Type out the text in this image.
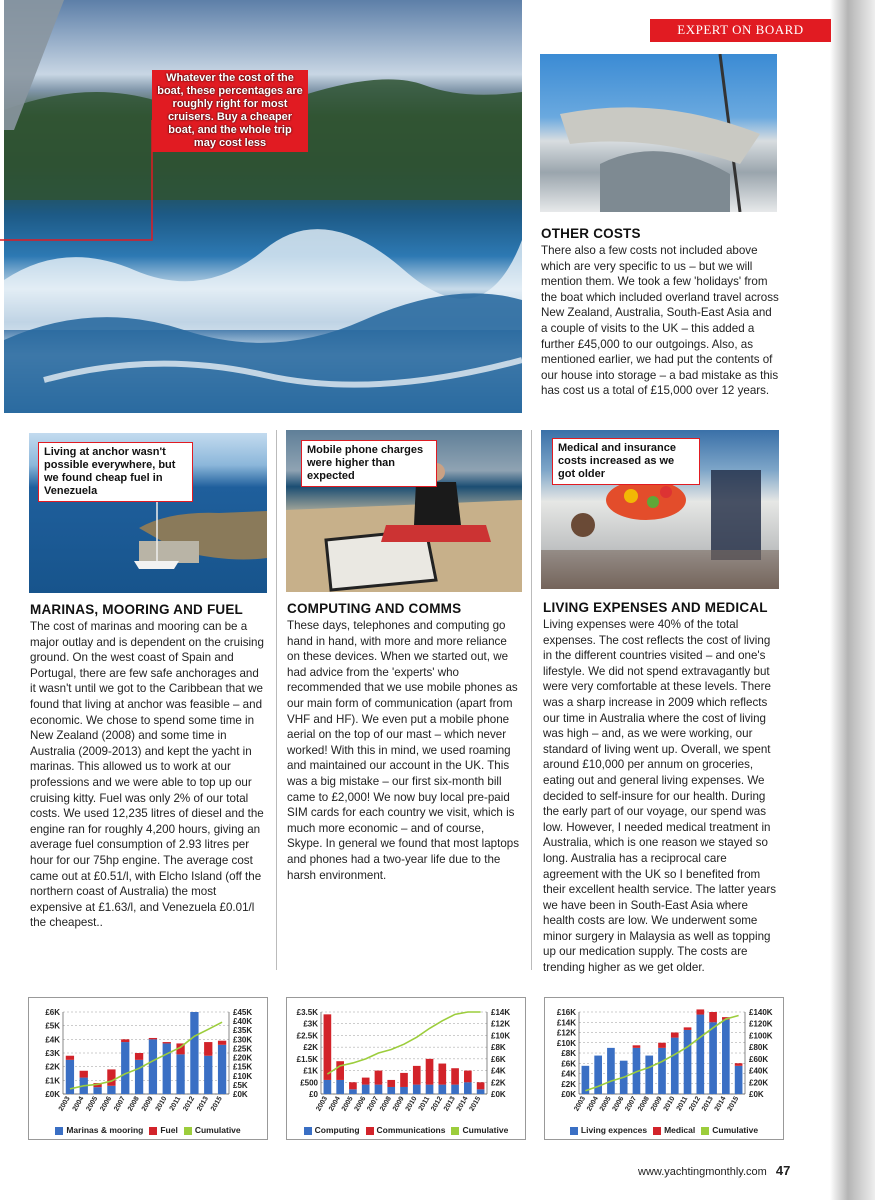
EXPERT ON BOARD
Whatever the cost of the boat, these percentages are roughly right for most cruisers. Buy a cheaper boat, and the whole trip may cost less
OTHER COSTS

There also a few costs not included above which are very specific to us – but we will mention them. We took a few 'holidays' from the boat which included overland travel across New Zealand, Australia, South-East Asia and a couple of visits to the UK – this added a further £45,000 to our outgoings. Also, as mentioned earlier, we had put the contents of our house into storage – a bad mistake as this has cost us a total of £15,000 over 12 years.

Living at anchor wasn't possible everywhere, but we found cheap fuel in Venezuela
Mobile phone charges were higher than expected
Medical and insurance costs increased as we got older
MARINAS, MOORING AND FUEL

The cost of marinas and mooring can be a major outlay and is dependent on the cruising ground. On the west coast of Spain and Portugal, there are few safe anchorages and it wasn't until we got to the Caribbean that we found that living at anchor was feasible – and economic. We chose to spend some time in New Zealand (2008) and some time in Australia (2009-2013) and kept the yacht in marinas. This allowed us to work at our professions and we were able to top up our cruising kitty. Fuel was only 2% of our total costs. We used 12,235 litres of diesel and the engine ran for roughly 4,200 hours, giving an average fuel consumption of 2.93 litres per hour for our 75hp engine. The average cost came out at £0.51/l, with Elcho Island (off the northern coast of Australia) the most expensive at £1.63/l, and Venezuela £0.01/l the cheapest..

COMPUTING AND COMMS

These days, telephones and computing go hand in hand, with more and more reliance on these devices. When we started out, we had advice from the 'experts' who recommended that we use mobile phones as our main form of communication (apart from VHF and HF). We even put a mobile phone aerial on the top of our mast – which never worked! With this in mind, we used roaming and maintained our account in the UK. This was a big mistake – our first six-month bill came to £2,000! We now buy local pre-paid SIM cards for each country we visit, which is much more economic – and of course, Skype. In general we found that most laptops and phones had a two-year life due to the harsh environment.

LIVING EXPENSES AND MEDICAL

Living expenses were 40% of the total expenses. The cost reflects the cost of living in the different countries visited – and one's lifestyle. We did not spend extravagantly but were very comfortable at these levels. There was a sharp increase in 2009 which reflects our time in Australia where the cost of living was high – and, as we were working, our standard of living went up. Overall, we spent around £10,000 per annum on groceries, eating out and general living expenses. We decided to self-insure for our health. During the early part of our voyage, our spend was low. However, I needed medical treatment in Australia, which is one reason we stayed so long. Australia has a reciprocal care agreement with the UK so I benefited from their excellent health service. The latter years we have been in South-East Asia where health costs are low. We underwent some minor surgery in Malaysia as well as topping up our medication supply. The costs are trending higher as we get older.

£0K
£1K
£2K
£3K
£4K
£5K
£6K
£0K
£5K
£10K
£15K
£20K
£25K
£30K
£35K
£40K
£45K
2003 2004 2005 2006 2007 2008 2009 2010 2011 2012 2013 2015
Marinas & mooring	Fuel	Cumulative
£0
£500
£1K
£1.5K
£2K
£2.5K
£3K
£3.5K
£0K
£2K
£4K
£6K
£8K
£10K
£12K
£14K
2003
2004
2005
2006
2007
2008
2009
2010 2011
2012
2013
2014
2015
Computing	Communications	Cumulative
£0K
£2K
£4K
£6K
£8K
£10K
£12K
£14K
£16K
£0K
£20K
£40K
£60K
£80K
£100K
£120K
£140K
2003
2004
2005
2006
2007
2008
2009
2010 2011
2012
2013
2014
2015
Living expences	Medical	Cumulative
www.yachtingmonthly.com 47
